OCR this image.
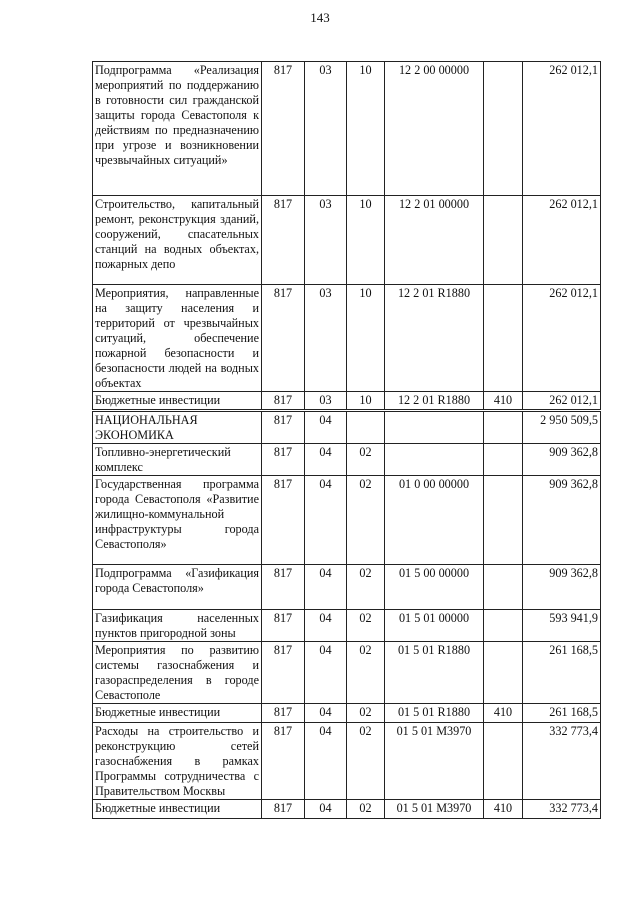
143
Подпрограмма «Реализация мероприятий по поддержанию в готовности сил гражданской защиты города Севастополя к действиям по предназначению при угрозе и возникновении чрезвычайных ситуаций»	817	03	10	12 2 00 00000		262 012,1
Строительство, капитальный ремонт, реконструкция зданий, сооружений, спасательных станций на водных объектах, пожарных депо	817	03	10	12 2 01 00000		262 012,1
Мероприятия, направленные на защиту населения и территорий от чрезвычайных ситуаций, обеспечение пожарной безопасности и безопасности людей на водных объектах	817	03	10	12 2 01 R1880		262 012,1
Бюджетные инвестиции	817	03	10	12 2 01 R1880	410	262 012,1
НАЦИОНАЛЬНАЯ ЭКОНОМИКА	817	04				2 950 509,5
Топливно-энергетический комплекс	817	04	02			909 362,8
Государственная программа города Севастополя «Развитие жилищно-коммунальной инфраструктуры города Севастополя»	817	04	02	01 0 00 00000		909 362,8
Подпрограмма «Газификация города Севастополя»	817	04	02	01 5 00 00000		909 362,8
Газификация населенных пунктов пригородной зоны	817	04	02	01 5 01 00000		593 941,9
Мероприятия по развитию системы газоснабжения и газораспределения в городе Севастополе	817	04	02	01 5 01 R1880		261 168,5
Бюджетные инвестиции	817	04	02	01 5 01 R1880	410	261 168,5
Расходы на строительство и реконструкцию сетей газоснабжения в рамках Программы сотрудничества с Правительством Москвы	817	04	02	01 5 01 M3970		332 773,4
Бюджетные инвестиции	817	04	02	01 5 01 M3970	410	332 773,4
